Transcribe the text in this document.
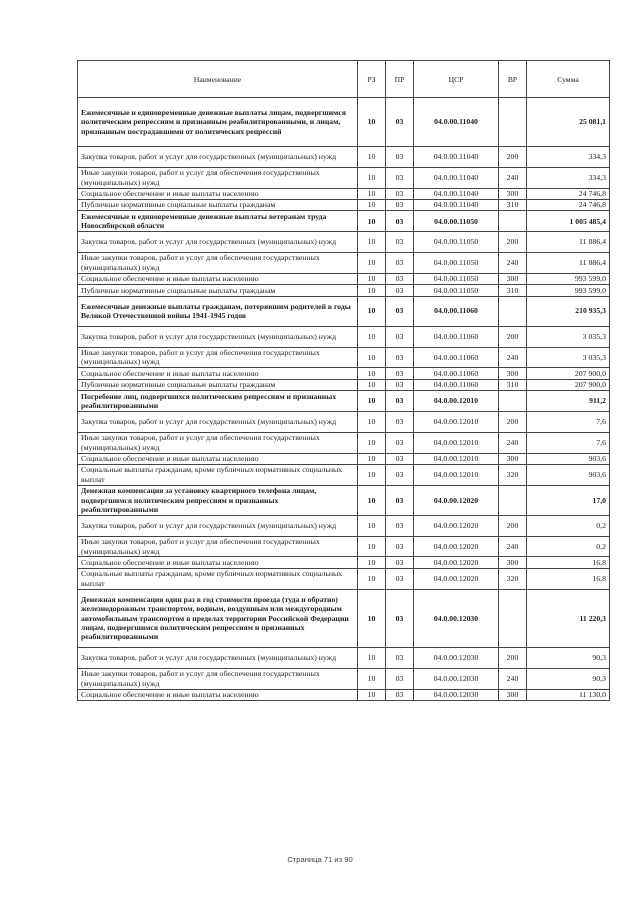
Наименование	РЗ	ПР	ЦСР	ВР	Сумма
Ежемесячные и единовременные денежные выплаты лицам, подвергшимся политическим репрессиям и признанным реабилитированными, и лицам, признанным пострадавшими от политических репрессий	10	03	04.0.00.11040		25 081,1
Закупка товаров, работ и услуг для государственных (муниципальных) нужд	10	03	04.0.00.11040	200	334,3
Иные закупки товаров, работ и услуг для обеспечения государственных (муниципальных) нужд	10	03	04.0.00.11040	240	334,3
Социальное обеспечение и иные выплаты населению	10	03	04.0.00.11040	300	24 746,8
Публичные нормативные социальные выплаты гражданам	10	03	04.0.00.11040	310	24 746,8
Ежемесячные и единовременные денежные выплаты ветеранам труда Новосибирской области	10	03	04.0.00.11050		1 005 485,4
Закупка товаров, работ и услуг для государственных (муниципальных) нужд	10	03	04.0.00.11050	200	11 886,4
Иные закупки товаров, работ и услуг для обеспечения государственных (муниципальных) нужд	10	03	04.0.00.11050	240	11 886,4
Социальное обеспечение и иные выплаты населению	10	03	04.0.00.11050	300	993 599,0
Публичные нормативные социальные выплаты гражданам	10	03	04.0.00.11050	310	993 599,0
Ежемесячные денежные выплаты гражданам, потерявшим родителей в годы Великой Отечественной войны 1941-1945 годов	10	03	04.0.00.11060		210 935,3
Закупка товаров, работ и услуг для государственных (муниципальных) нужд	10	03	04.0.00.11060	200	3 035,3
Иные закупки товаров, работ и услуг для обеспечения государственных (муниципальных) нужд	10	03	04.0.00.11060	240	3 035,3
Социальное обеспечение и иные выплаты населению	10	03	04.0.00.11060	300	207 900,0
Публичные нормативные социальные выплаты гражданам	10	03	04.0.00.11060	310	207 900,0
Погребение лиц, подвергшихся политическим репрессиям и признанных реабилитированными	10	03	04.0.00.12010		911,2
Закупка товаров, работ и услуг для государственных (муниципальных) нужд	10	03	04.0.00.12010	200	7,6
Иные закупки товаров, работ и услуг для обеспечения государственных (муниципальных) нужд	10	03	04.0.00.12010	240	7,6
Социальное обеспечение и иные выплаты населению	10	03	04.0.00.12010	300	903,6
Социальные выплаты гражданам, кроме публичных нормативных социальных выплат	10	03	04.0.00.12010	320	903,6
Денежная компенсация за установку квартирного телефона лицам, подвергшимся политическим репрессиям и признанных реабилитированными	10	03	04.0.00.12020		17,0
Закупка товаров, работ и услуг для государственных (муниципальных) нужд	10	03	04.0.00.12020	200	0,2
Иные закупки товаров, работ и услуг для обеспечения государственных (муниципальных) нужд	10	03	04.0.00.12020	240	0,2
Социальное обеспечение и иные выплаты населению	10	03	04.0.00.12020	300	16,8
Социальные выплаты гражданам, кроме публичных нормативных социальных выплат	10	03	04.0.00.12020	320	16,8
Денежная компенсация один раз в год стоимости проезда (туда и обратно) железнодорожным транспортом, водным, воздушным или междугородным автомобильным транспортом в пределах территории Российской Федерации лицам, подвергшимся политическим репрессиям и признанных реабилитированными	10	03	04.0.00.12030		11 220,3
Закупка товаров, работ и услуг для государственных (муниципальных) нужд	10	03	04.0.00.12030	200	90,3
Иные закупки товаров, работ и услуг для обеспечения государственных (муниципальных) нужд	10	03	04.0.00.12030	240	90,3
Социальное обеспечение и иные выплаты населению	10	03	04.0.00.12030	300	11 130,0
Страница 71 из 90
